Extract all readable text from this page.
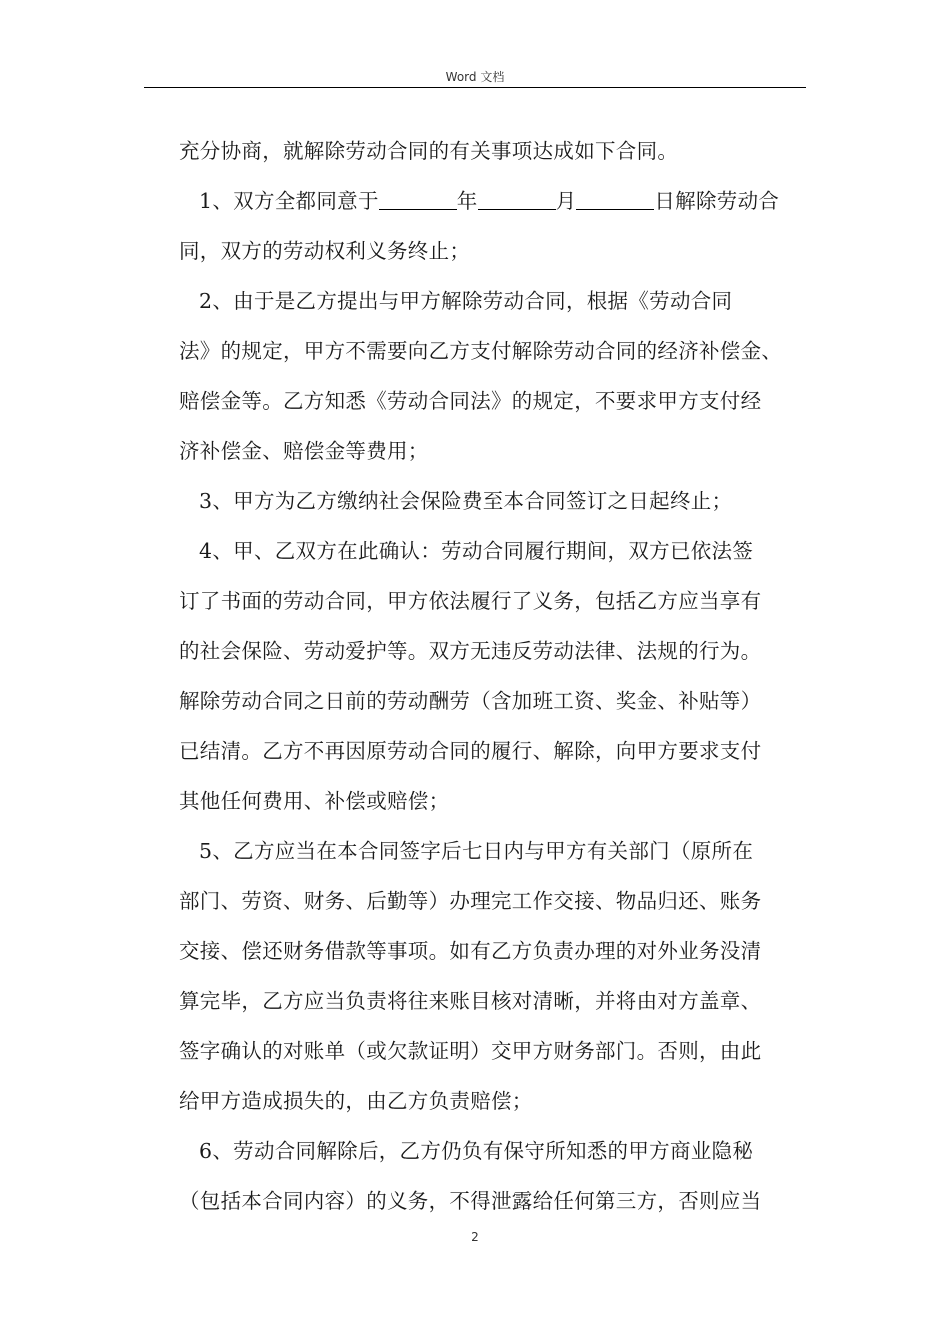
Word 文档
充分协商，就解除劳动合同的有关事项达成如下合同。
1、双方全都同意于	年	月	日解除劳动合
同，双方的劳动权利义务终止；
2、由于是乙方提出与甲方解除劳动合同，根据《劳动合同
法》的规定，甲方不需要向乙方支付解除劳动合同的经济补偿金、
赔偿金等。乙方知悉《劳动合同法》的规定，不要求甲方支付经
济补偿金、赔偿金等费用；
3、甲方为乙方缴纳社会保险费至本合同签订之日起终止；
4、甲、乙双方在此确认：劳动合同履行期间，双方已依法签
订了书面的劳动合同，甲方依法履行了义务，包括乙方应当享有
的社会保险、劳动爱护等。双方无违反劳动法律、法规的行为。
解除劳动合同之日前的劳动酬劳（含加班工资、奖金、补贴等）
已结清。乙方不再因原劳动合同的履行、解除，向甲方要求支付
其他任何费用、补偿或赔偿；
5、乙方应当在本合同签字后七日内与甲方有关部门（原所在
部门、劳资、财务、后勤等）办理完工作交接、物品归还、账务
交接、偿还财务借款等事项。如有乙方负责办理的对外业务没清
算完毕，乙方应当负责将往来账目核对清晰，并将由对方盖章、
签字确认的对账单（或欠款证明）交甲方财务部门。否则，由此
给甲方造成损失的，由乙方负责赔偿；
6、劳动合同解除后，乙方仍负有保守所知悉的甲方商业隐秘
（包括本合同内容）的义务，不得泄露给任何第三方，否则应当
2
